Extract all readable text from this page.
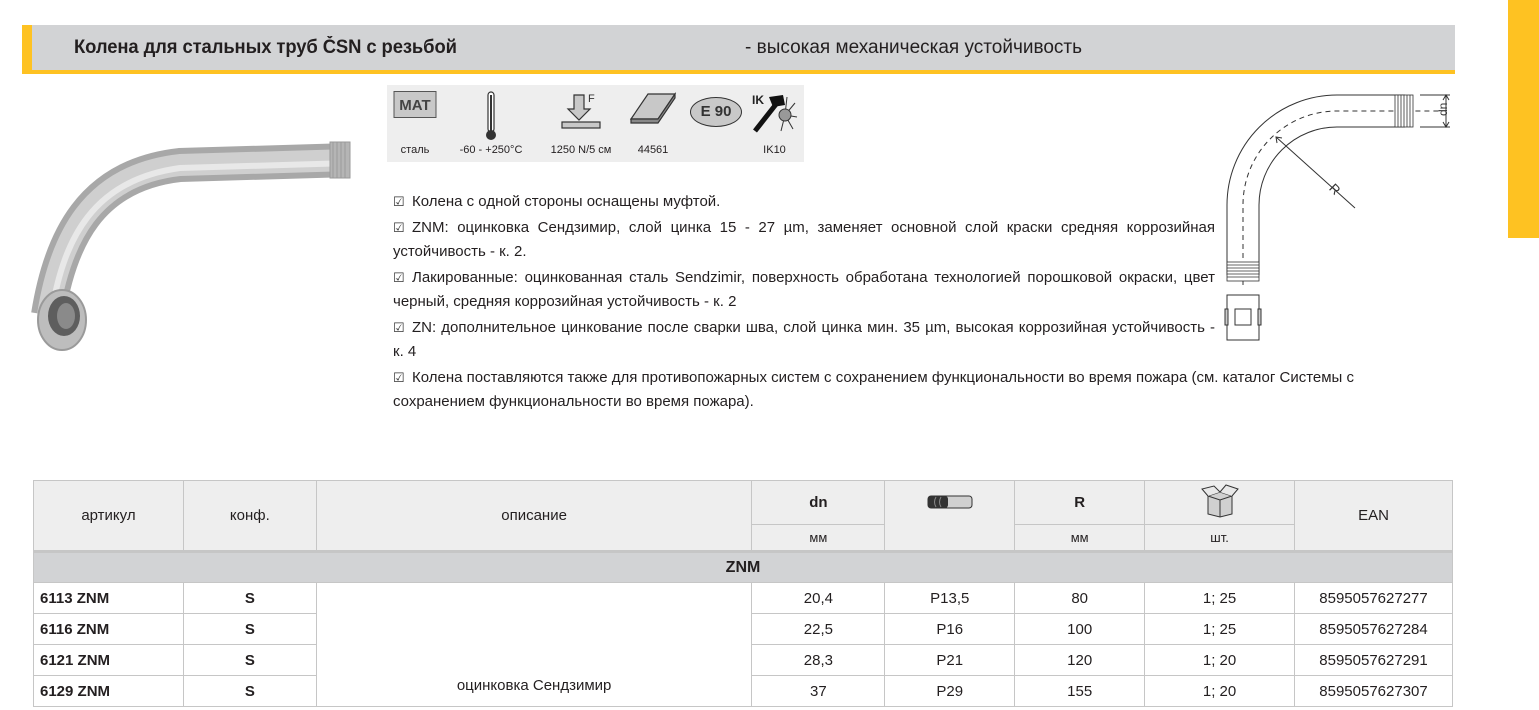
Колена для стальных труб ČSN с резьбой	- высокая механическая устойчивость
MAT
сталь	-60 - +250°C
F
1250 N/5 см	44561
E 90
IK
IK10
☑ Колена с одной стороны оснащены муфтой.
☑ ZNM: оцинковка Сендзимир, слой цинка 15 - 27 µm, заменяет основной слой краски средняя коррозийная устойчивость - к. 2.
☑ Лакированные: оцинкованная сталь Sendzimir, поверхность обработана технологией порошковой окраски, цвет черный, средняя коррозийная устойчивость - к. 2
☑ ZN: дополнительное цинкование после сварки шва, слой цинка мин. 35 µm, высокая коррозийная устойчивость - к. 4
☑ Колена поставляются также для противопожарных систем с сохранением функциональности во время пожара (см. каталог Системы с сохранением функциональности во время пожара).
dn
R
артикул	конф.	описание	dn		R		EAN
			мм		мм	шт.	
ZNM							
6113 ZNM	S	оцинковка Сендзимир	20,4	P13,5	80	1; 25	8595057627277
6116 ZNM	S		22,5	P16	100	1; 25	8595057627284
6121 ZNM	S		28,3	P21	120	1; 20	8595057627291
6129 ZNM	S		37	P29	155	1; 20	8595057627307
